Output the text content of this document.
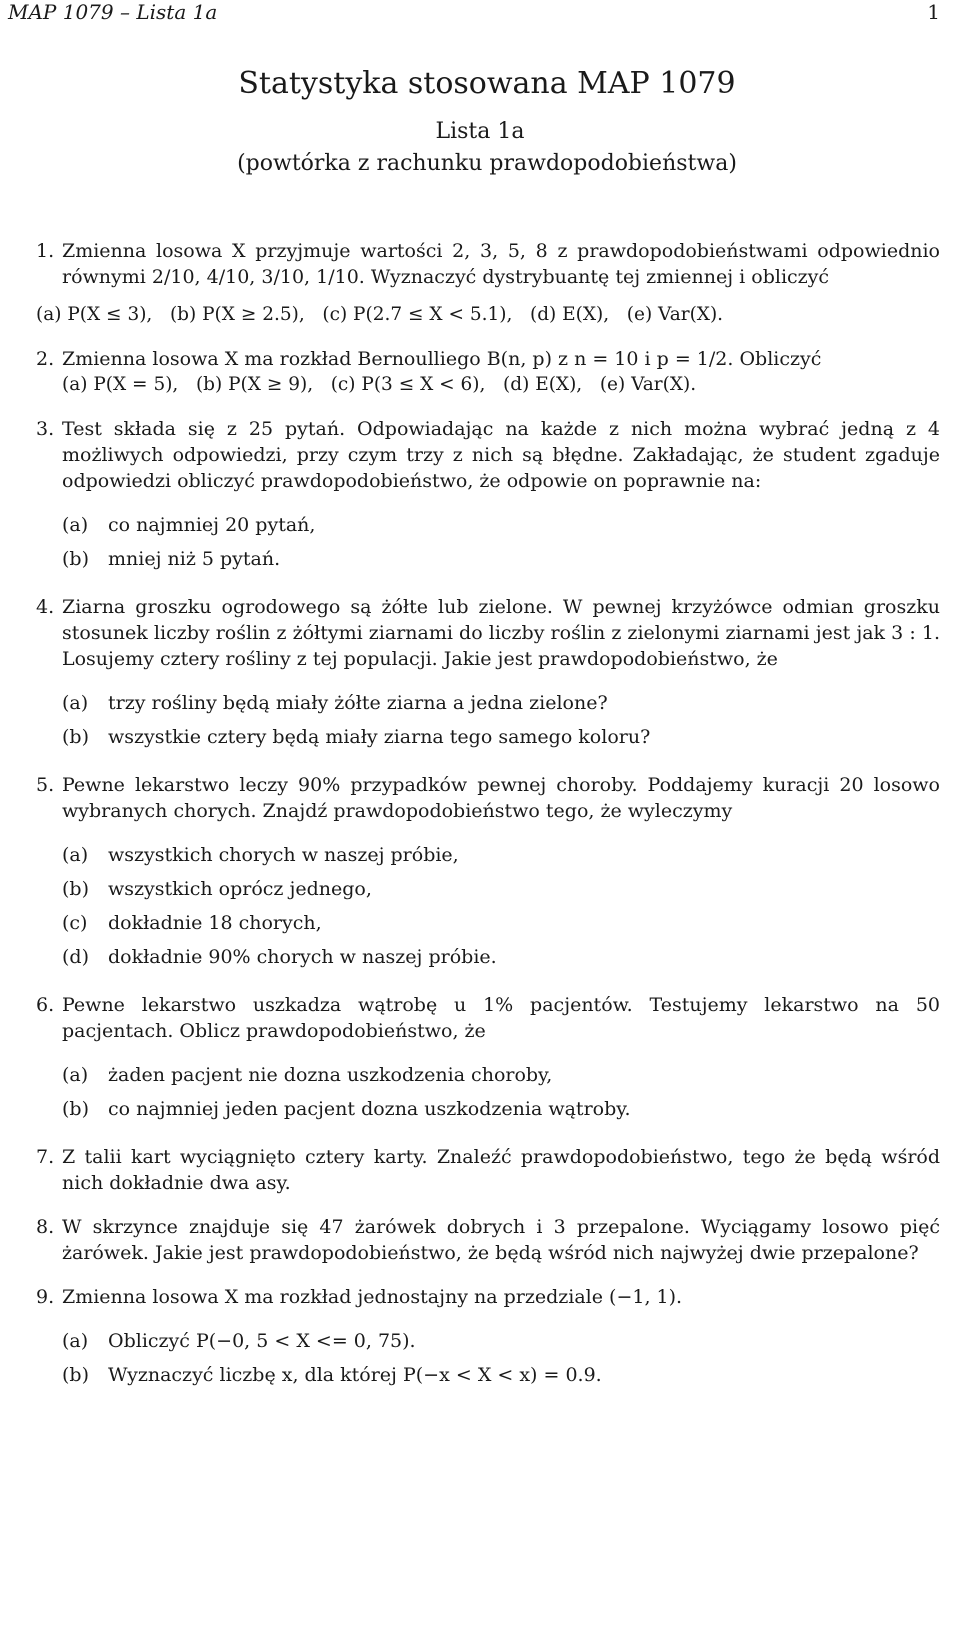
MAP 1079 – Lista 1a	1
Statystyka stosowana MAP 1079
Lista 1a
(powtórka z rachunku prawdopodobieństwa)
1. Zmienna losowa X przyjmuje wartości 2, 3, 5, 8 z prawdopodobieństwami odpowiednio równymi 2/10, 4/10, 3/10, 1/10. Wyznaczyć dystrybuantę tej zmiennej i obliczyć
(a) P(X ≤ 3),   (b) P(X ≥ 2.5),   (c) P(2.7 ≤ X < 5.1),   (d) E(X),   (e) Var(X).
2. Zmienna losowa X ma rozkład Bernoulliego B(n, p) z n = 10 i p = 1/2. Obliczyć
(a) P(X = 5),   (b) P(X ≥ 9),   (c) P(3 ≤ X < 6),   (d) E(X),   (e) Var(X).
3. Test składa się z 25 pytań. Odpowiadając na każde z nich można wybrać jedną z 4 możliwych odpowiedzi, przy czym trzy z nich są błędne. Zakładając, że student zgaduje odpowiedzi obliczyć prawdopodobieństwo, że odpowie on poprawnie na:
(a) co najmniej 20 pytań,
(b) mniej niż 5 pytań.
4. Ziarna groszku ogrodowego są żółte lub zielone. W pewnej krzyżówce odmian groszku stosunek liczby roślin z żółtymi ziarnami do liczby roślin z zielonymi ziarnami jest jak 3 : 1. Losujemy cztery rośliny z tej populacji. Jakie jest prawdopodobieństwo, że
(a) trzy rośliny będą miały żółte ziarna a jedna zielone?
(b) wszystkie cztery będą miały ziarna tego samego koloru?
5. Pewne lekarstwo leczy 90% przypadków pewnej choroby. Poddajemy kuracji 20 losowo wybranych chorych. Znajdź prawdopodobieństwo tego, że wyleczymy
(a) wszystkich chorych w naszej próbie,
(b) wszystkich oprócz jednego,
(c) dokładnie 18 chorych,
(d) dokładnie 90% chorych w naszej próbie.
6. Pewne lekarstwo uszkadza wątrobę u 1% pacjentów. Testujemy lekarstwo na 50 pacjentach. Oblicz prawdopodobieństwo, że
(a) żaden pacjent nie dozna uszkodzenia choroby,
(b) co najmniej jeden pacjent dozna uszkodzenia wątroby.
7. Z talii kart wyciągnięto cztery karty. Znaleźć prawdopodobieństwo, tego że będą wśród nich dokładnie dwa asy.
8. W skrzynce znajduje się 47 żarówek dobrych i 3 przepalone. Wyciągamy losowo pięć żarówek. Jakie jest prawdopodobieństwo, że będą wśród nich najwyżej dwie przepalone?
9. Zmienna losowa X ma rozkład jednostajny na przedziale (−1, 1).
(a) Obliczyć P(−0, 5 < X <= 0, 75).
(b) Wyznaczyć liczbę x, dla której P(−x < X < x) = 0.9.
